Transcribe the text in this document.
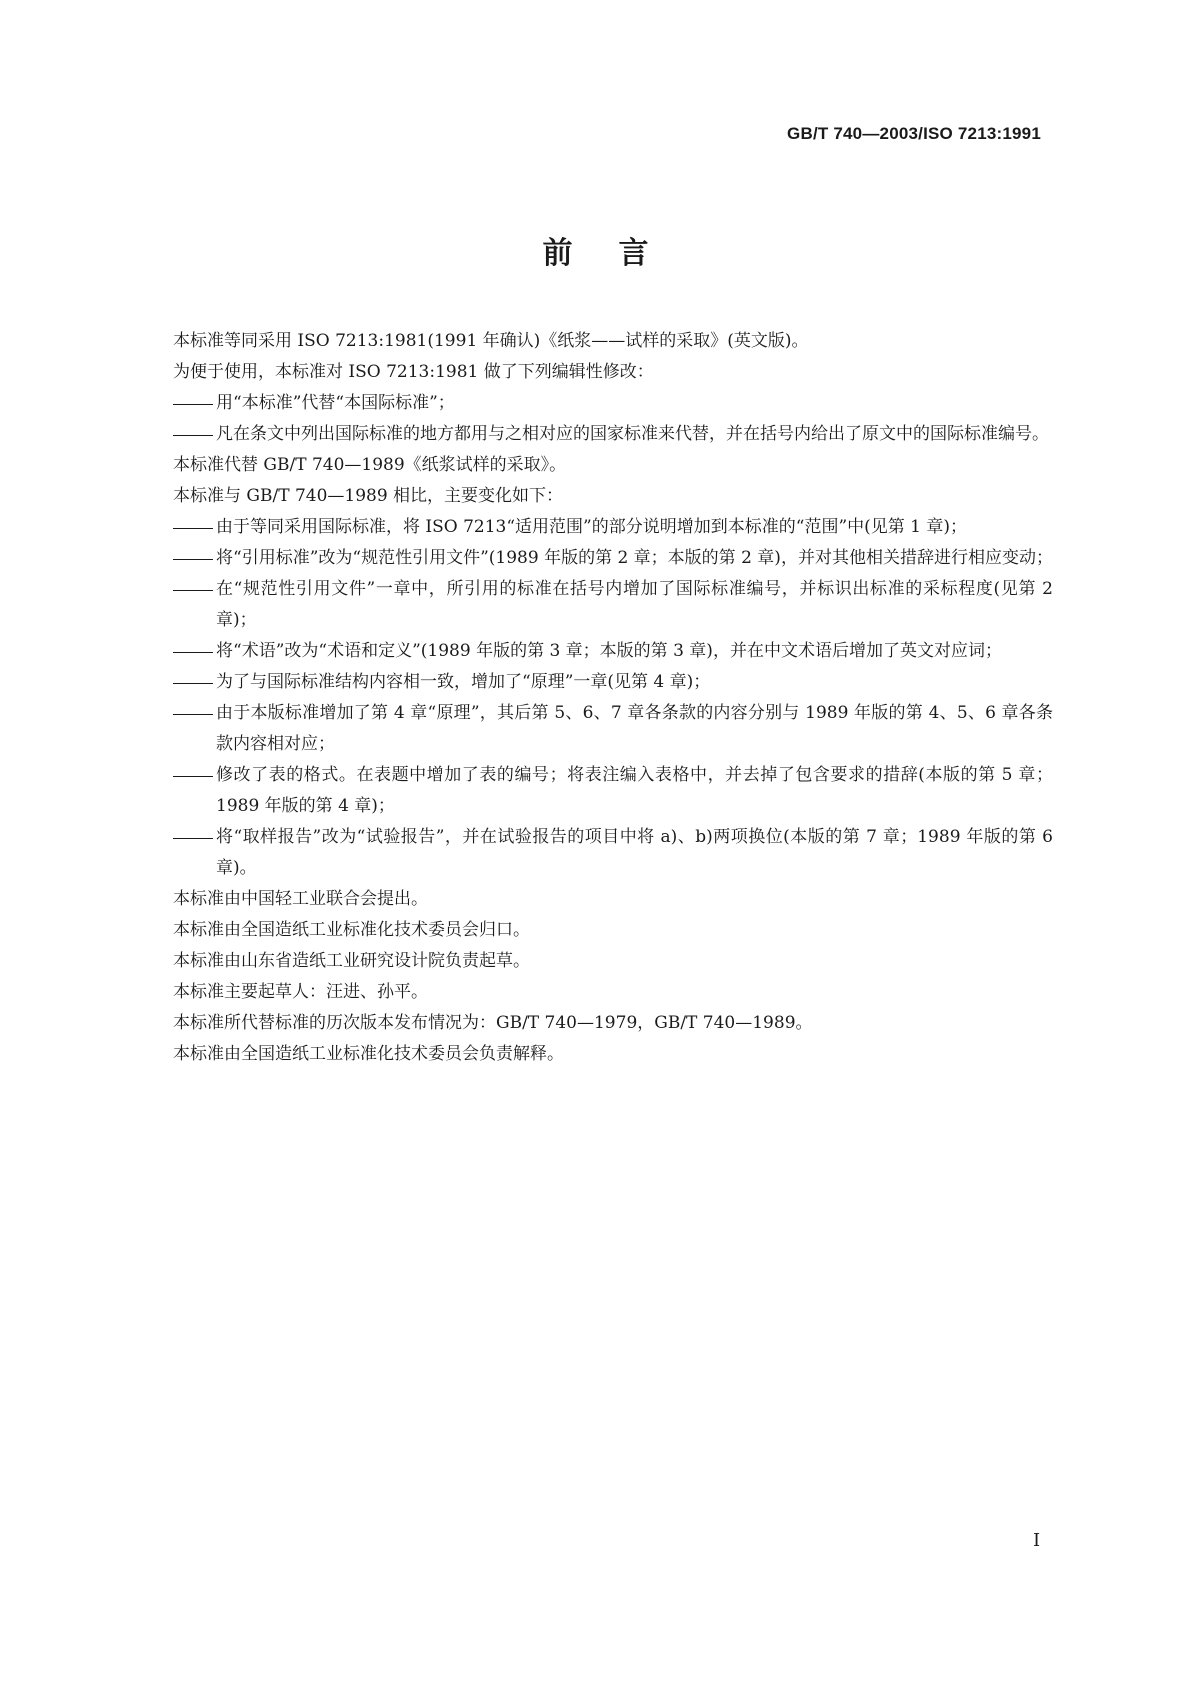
GB/T 740—2003/ISO 7213:1991
前言

本标准等同采用 ISO 7213:1981(1991 年确认)《纸浆——试样的采取》(英文版)。

为便于使用，本标准对 ISO 7213:1981 做了下列编辑性修改：

用“本标准”代替“本国际标准”；
凡在条文中列出国际标准的地方都用与之相对应的国家标准来代替，并在括号内给出了原文中的国际标准编号。

本标准代替 GB/T 740—1989《纸浆试样的采取》。

本标准与 GB/T 740—1989 相比，主要变化如下：

由于等同采用国际标准，将 ISO 7213“适用范围”的部分说明增加到本标准的“范围”中(见第 1 章)；
将“引用标准”改为“规范性引用文件”(1989 年版的第 2 章；本版的第 2 章)，并对其他相关措辞进行相应变动；
在“规范性引用文件”一章中，所引用的标准在括号内增加了国际标准编号，并标识出标准的采标程度(见第 2 章)；
将“术语”改为“术语和定义”(1989 年版的第 3 章；本版的第 3 章)，并在中文术语后增加了英文对应词；
为了与国际标准结构内容相一致，增加了“原理”一章(见第 4 章)；
由于本版标准增加了第 4 章“原理”，其后第 5、6、7 章各条款的内容分别与 1989 年版的第 4、5、6 章各条款内容相对应；
修改了表的格式。在表题中增加了表的编号；将表注编入表格中，并去掉了包含要求的措辞(本版的第 5 章；1989 年版的第 4 章)；
将“取样报告”改为“试验报告”，并在试验报告的项目中将 a)、b)两项换位(本版的第 7 章；1989 年版的第 6 章)。

本标准由中国轻工业联合会提出。

本标准由全国造纸工业标准化技术委员会归口。

本标准由山东省造纸工业研究设计院负责起草。

本标准主要起草人：汪进、孙平。

本标准所代替标准的历次版本发布情况为：GB/T 740—1979，GB/T 740—1989。

本标准由全国造纸工业标准化技术委员会负责解释。

I
